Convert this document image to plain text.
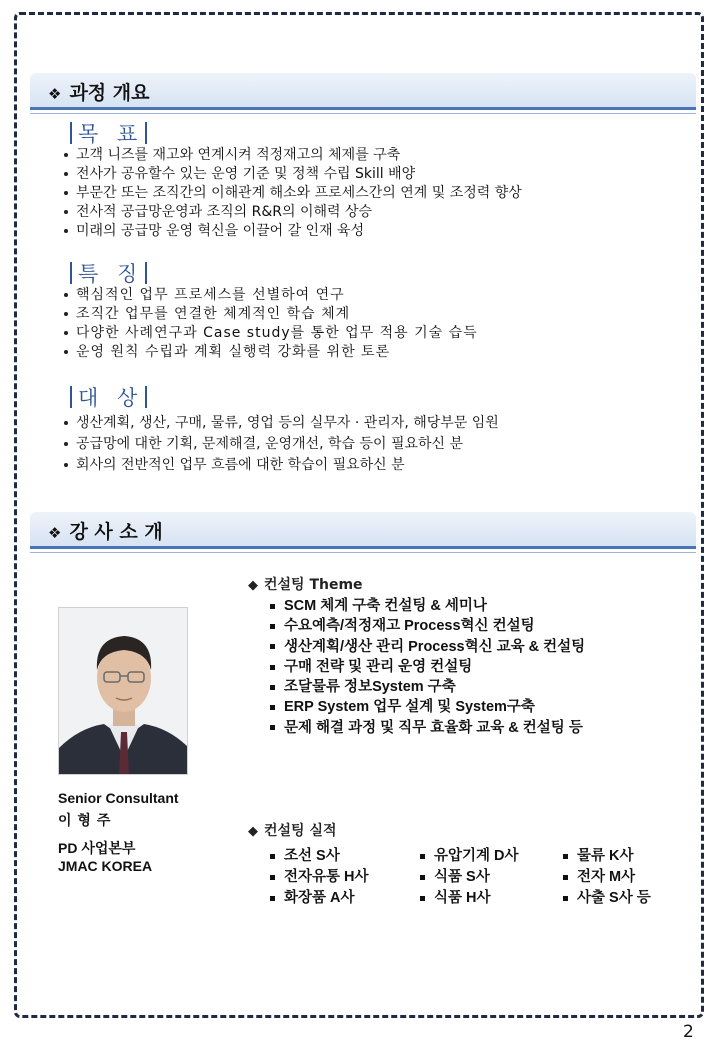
❖ 과정 개요
목 표
고객 니즈를 재고와 연계시켜 적정재고의 체제를 구축
전사가 공유할수 있는 운영 기준 및 정책 수립 Skill 배양
부문간 또는 조직간의 이해관계 해소와 프로세스간의 연계 및 조정력 향상
전사적 공급망운영과 조직의 R&R의 이해력 상승
미래의 공급망 운영 혁신을 이끌어 갈 인재 육성
특 징
핵심적인 업무 프로세스를 선별하여 연구
조직간 업무를 연결한 체계적인 학습 체계
다양한 사례연구과 Case study를 통한 업무 적용 기술 습득
운영 원칙 수립과 계획 실행력 강화를 위한 토론
대 상
생산계획, 생산, 구매, 물류, 영업 등의 실무자 · 관리자, 해당부문 임원
공급망에 대한 기획, 문제해결, 운영개선, 학습 등이 필요하신 분
회사의 전반적인 업무 흐름에 대한 학습이 필요하신 분
❖ 강 사 소 개
Senior Consultant
이 형 주
PD 사업본부
JMAC KOREA
◆ 컨설팅 Theme
SCM 체계 구축 컨설팅 & 세미나
수요예측/적정재고 Process혁신 컨설팅
생산계획/생산 관리 Process혁신 교육 & 컨설팅
구매 전략 및 관리 운영 컨설팅
조달물류 정보System 구축
ERP System 업무 설계 및 System구축
문제 해결 과정 및 직무 효율화 교육 & 컨설팅 등
◆ 컨설팅 실적
조선 S사
전자유통 H사
화장품 A사
유압기계 D사
식품 S사
식품 H사
물류 K사
전자 M사
사출 S사 등
2
